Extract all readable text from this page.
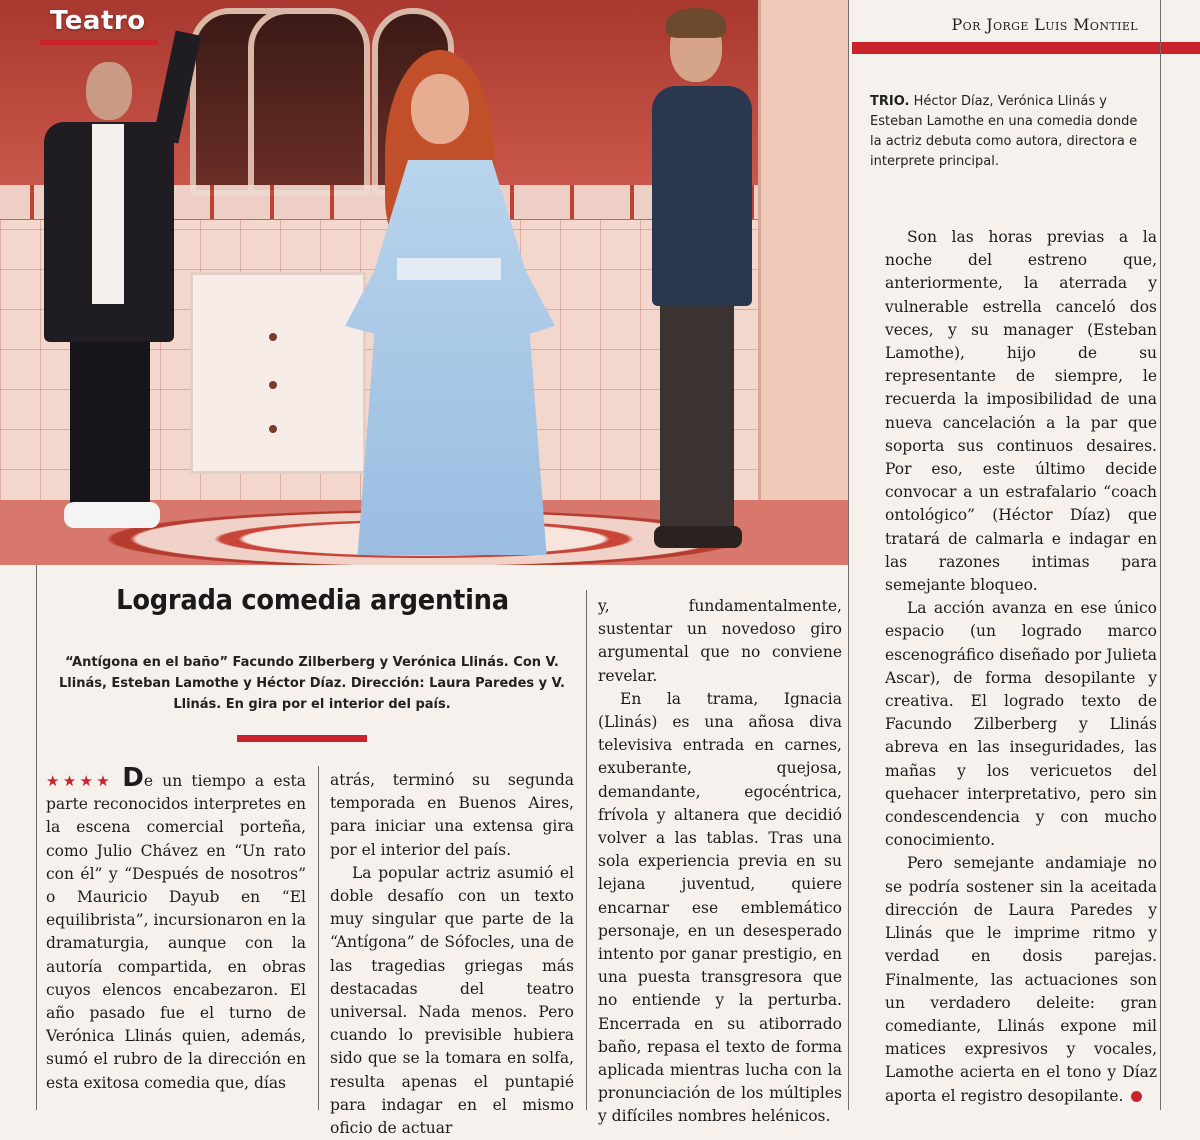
Teatro	Por Jorge Luis Montiel
TRIO. Héctor Díaz, Verónica Llinás y Esteban Lamothe en una comedia donde la actriz debuta como autora, directora e interprete principal.

Son las horas previas a la noche del estreno que, anteriormente, la aterrada y vulnerable estrella canceló dos veces, y su manager (Esteban Lamothe), hijo de su representante de siempre, le recuerda la imposibilidad de una nueva cancelación a la par que soporta sus continuos desaires. Por eso, este último decide convocar a un estrafalario “coach ontológico” (Héctor Díaz) que tratará de calmarla e indagar en las razones intimas para semejante bloqueo.

La acción avanza en ese único espacio (un logrado marco escenográfico diseñado por Julieta Ascar), de forma desopilante y creativa. El logrado texto de Facundo Zilberberg y Llinás abreva en las inseguridades, las mañas y los vericuetos del quehacer interpretativo, pero sin condescendencia y con mucho conocimiento.

Pero semejante andamiaje no se podría sostener sin la aceitada dirección de Laura Paredes y Llinás que le imprime ritmo y verdad en dosis parejas. Finalmente, las actuaciones son un verdadero deleite: gran comediante, Llinás expone mil matices expresivos y vocales, Lamothe acierta en el tono y Díaz aporta el registro desopilante.

Lograda comedia argentina
“Antígona en el baño” Facundo Zilberberg y Verónica Llinás. Con V. Llinás, Esteban Lamothe y Héctor Díaz. Dirección: Laura Paredes y V. Llinás. En gira por el interior del país.

★★★★ De un tiempo a esta parte reconocidos interpretes en la escena comercial porteña, como Julio Chávez en “Un rato con él” y “Después de nosotros” o Mauricio Dayub en “El equilibrista”, incursionaron en la dramaturgia, aunque con la autoría compartida, en obras cuyos elencos encabezaron. El año pasado fue el turno de Verónica Llinás quien, además, sumó el rubro de la dirección en esta exitosa comedia que, días

atrás, terminó su segunda temporada en Buenos Aires, para iniciar una extensa gira por el interior del país.

La popular actriz asumió el doble desafío con un texto muy singular que parte de la “Antígona” de Sófocles, una de las tragedias griegas más destacadas del teatro universal. Nada menos. Pero cuando lo previsible hubiera sido que se la tomara en solfa, resulta apenas el puntapié para indagar en el mismo oficio de actuar

y, fundamentalmente, sustentar un novedoso giro argumental que no conviene revelar.

En la trama, Ignacia (Llinás) es una añosa diva televisiva entrada en carnes, exuberante, quejosa, demandante, egocéntrica, frívola y altanera que decidió volver a las tablas. Tras una sola experiencia previa en su lejana juventud, quiere encarnar ese emblemático personaje, en un desesperado intento por ganar prestigio, en una puesta transgresora que no entiende y la perturba. Encerrada en su atiborrado baño, repasa el texto de forma aplicada mientras lucha con la pronunciación de los múltiples y difíciles nombres helénicos.
